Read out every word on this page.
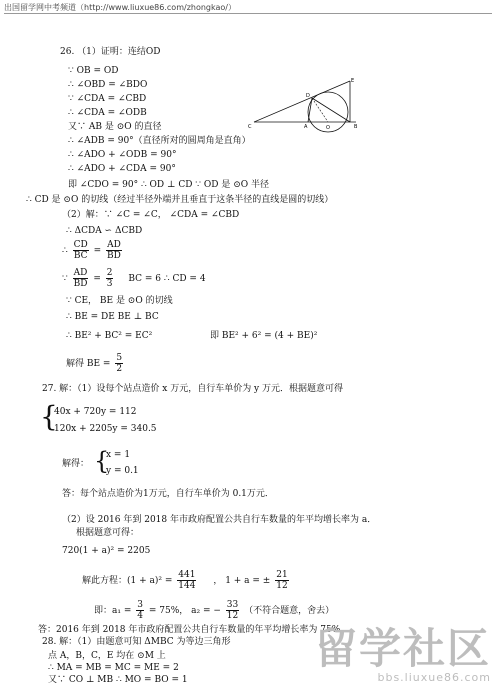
出国留学网中考频道（http://www.liuxue86.com/zhongkao/）
E
D
C	A	O	B
26. （1）证明：连结OD
∵ OB = OD
∴ ∠OBD = ∠BDO
∵ ∠CDA = ∠CBD
∴ ∠CDA = ∠ODB
又∵ AB 是 ⊙O 的直径
∴ ∠ADB = 90°（直径所对的圆周角是直角）
∴ ∠ADO + ∠ODB = 90°
∴ ∠ADO + ∠CDA = 90°
即 ∠CDO = 90° ∴ OD ⊥ CD ∵ OD 是 ⊙O 半径
∴ CD 是 ⊙O 的切线（经过半径外端并且垂直于这条半径的直线是圆的切线）
（2）解：∵ ∠C = ∠C， ∠CDA = ∠CBD
∴ ΔCDA ∽ ΔCBD
∴ $\frac{CD}{BC} = \frac{AD}{BD}$
∵ $\frac{AD}{BD} = \frac{2}{3}$ BC = 6 ∴ CD = 4
∵ CE， BE 是 ⊙O 的切线
∴ BE = DE BE ⊥ BC
∴ BE² + BC² = EC²	即 BE² + 6² = (4 + BE)²
解得 BE = $\frac{5}{2}$
27. 解：（1）设每个站点造价 x 万元，自行车单价为 y 万元．根据题意可得
{
40x + 720y = 112
120x + 2205y = 340.5
解得： {
x = 1
y = 0.1
答：每个站点造价为1万元，自行车单价为 0.1万元．
（2）设 2016 年到 2018 年市政府配置公共自行车数量的年平均增长率为 a．
根据题意可得：
720(1 + a)² = 2205
解此方程：$(1 + a)^2 = \frac{441}{144}$ ， 1 + a = ± $\frac{21}{12}$
即：$a_1 = \frac{3}{4} = 75\%$， a₂ = − $\frac{33}{12}$ （不符合题意，舍去）
答：2016 年到 2018 年市政府配置公共自行车数量的年平均增长率为 75%．
28. 解：（1）由题意可知 ΔMBC 为等边三角形
点 A，B，C，E 均在 ⊙M 上
∴ MA = MB = MC = ME = 2
又∵ CO ⊥ MB ∴ MO = BO = 1
留学社区
bbs.liuxue86.com
